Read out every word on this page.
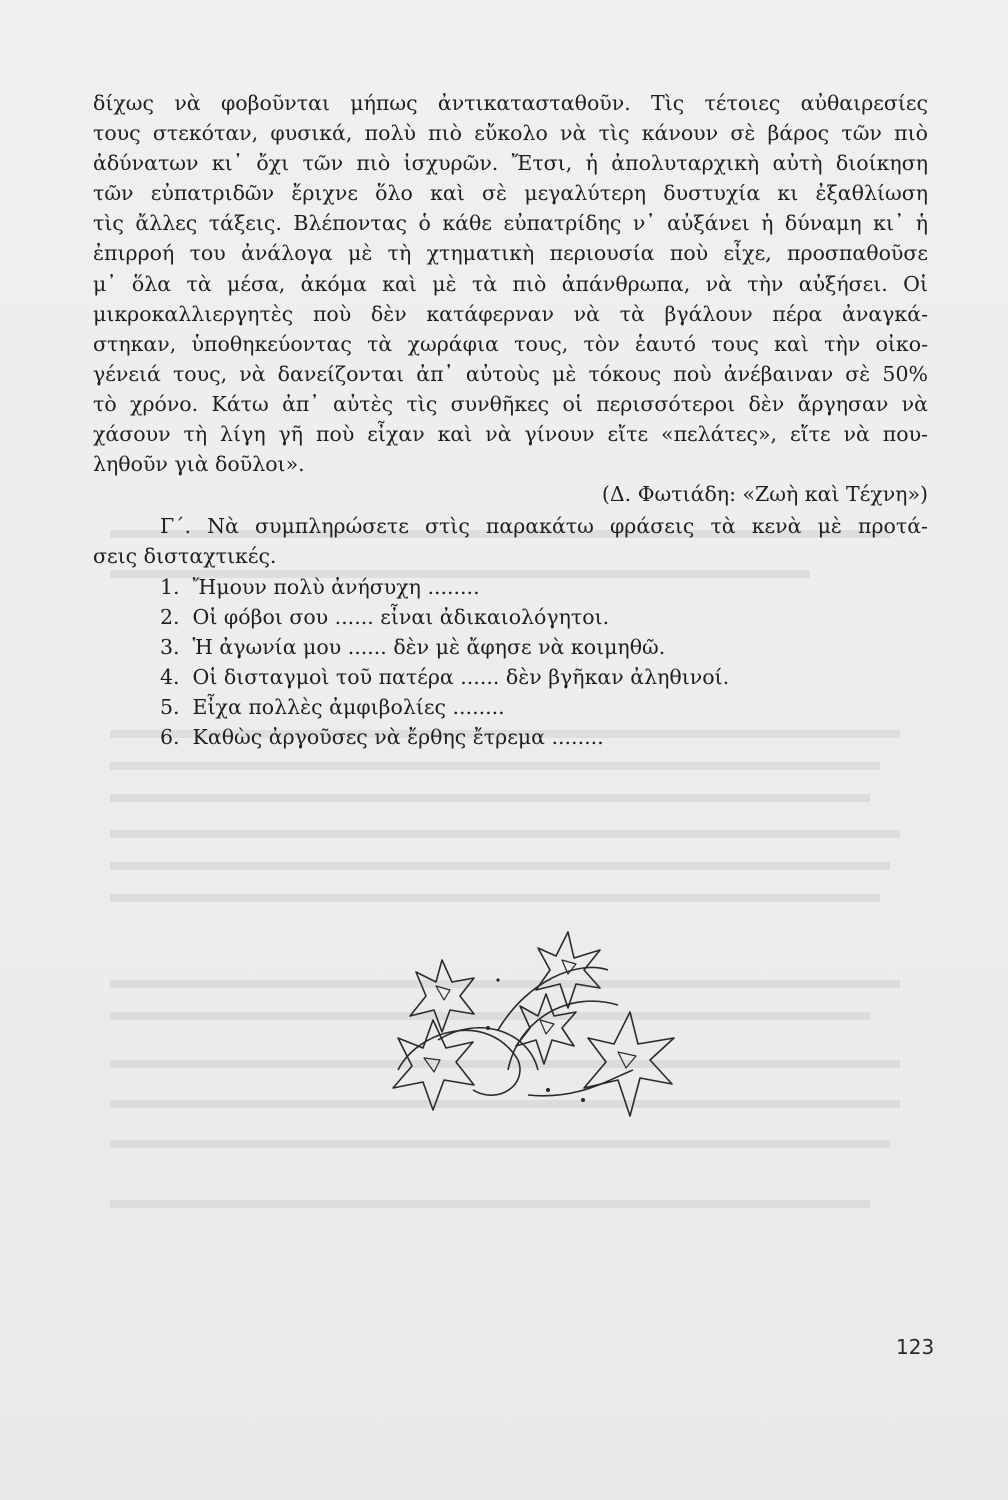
δίχως νὰ φοβοῦνται μήπως ἀντικατασταθοῦν. Τὶς τέτοιες αὐθαιρεσίες
τους στεκόταν, φυσικά, πολὺ πιὸ εὔκολο νὰ τὶς κάνουν σὲ βάρος τῶν πιὸ
ἀδύνατων κι᾽ ὄχι τῶν πιὸ ἰσχυρῶν. Ἔτσι, ἡ ἀπολυταρχικὴ αὐτὴ διοίκηση
τῶν εὐπατριδῶν ἔριχνε ὅλο καὶ σὲ μεγαλύτερη δυστυχία κι ἐξαθλίωση
τὶς ἄλλες τάξεις. Βλέποντας ὁ κάθε εὐπατρίδης ν᾽ αὐξάνει ἡ δύναμη κι᾽ ἡ
ἐπιρροή του ἀνάλογα μὲ τὴ χτηματικὴ περιουσία ποὺ εἶχε, προσπαθοῦσε
μ᾽ ὅλα τὰ μέσα, ἀκόμα καὶ μὲ τὰ πιὸ ἀπάνθρωπα, νὰ τὴν αὐξήσει. Οἱ
μικροκαλλιεργητὲς ποὺ δὲν κατάφερναν νὰ τὰ βγάλουν πέρα ἀναγκά-
στηκαν, ὑποθηκεύοντας τὰ χωράφια τους, τὸν ἑαυτό τους καὶ τὴν οἰκο-
γένειά τους, νὰ δανείζονται ἀπ᾽ αὐτοὺς μὲ τόκους ποὺ ἀνέβαιναν σὲ 50%
τὸ χρόνο. Κάτω ἀπ᾽ αὐτὲς τὶς συνθῆκες οἱ περισσότεροι δὲν ἄργησαν νὰ
χάσουν τὴ λίγη γῆ ποὺ εἶχαν καὶ νὰ γίνουν εἴτε «πελάτες», εἴτε νὰ που-
ληθοῦν γιὰ δοῦλοι».
(Δ. Φωτιάδη: «Ζωὴ καὶ Τέχνη»)
Γ΄. Νὰ συμπληρώσετε στὶς παρακάτω φράσεις τὰ κενὰ μὲ προτά-
σεις δισταχτικές.
1. Ἤμουν πολὺ ἀνήσυχη ........
2. Οἱ φόβοι σου ...... εἶναι ἀδικαιολόγητοι.
3. Ἡ ἀγωνία μου ...... δὲν μὲ ἄφησε νὰ κοιμηθῶ.
4. Οἱ δισταγμοὶ τοῦ πατέρα ...... δὲν βγῆκαν ἀληθινοί.
5. Εἶχα πολλὲς ἀμφιβολίες ........
6. Καθὼς ἀργοῦσες νὰ ἔρθης ἔτρεμα ........
123
